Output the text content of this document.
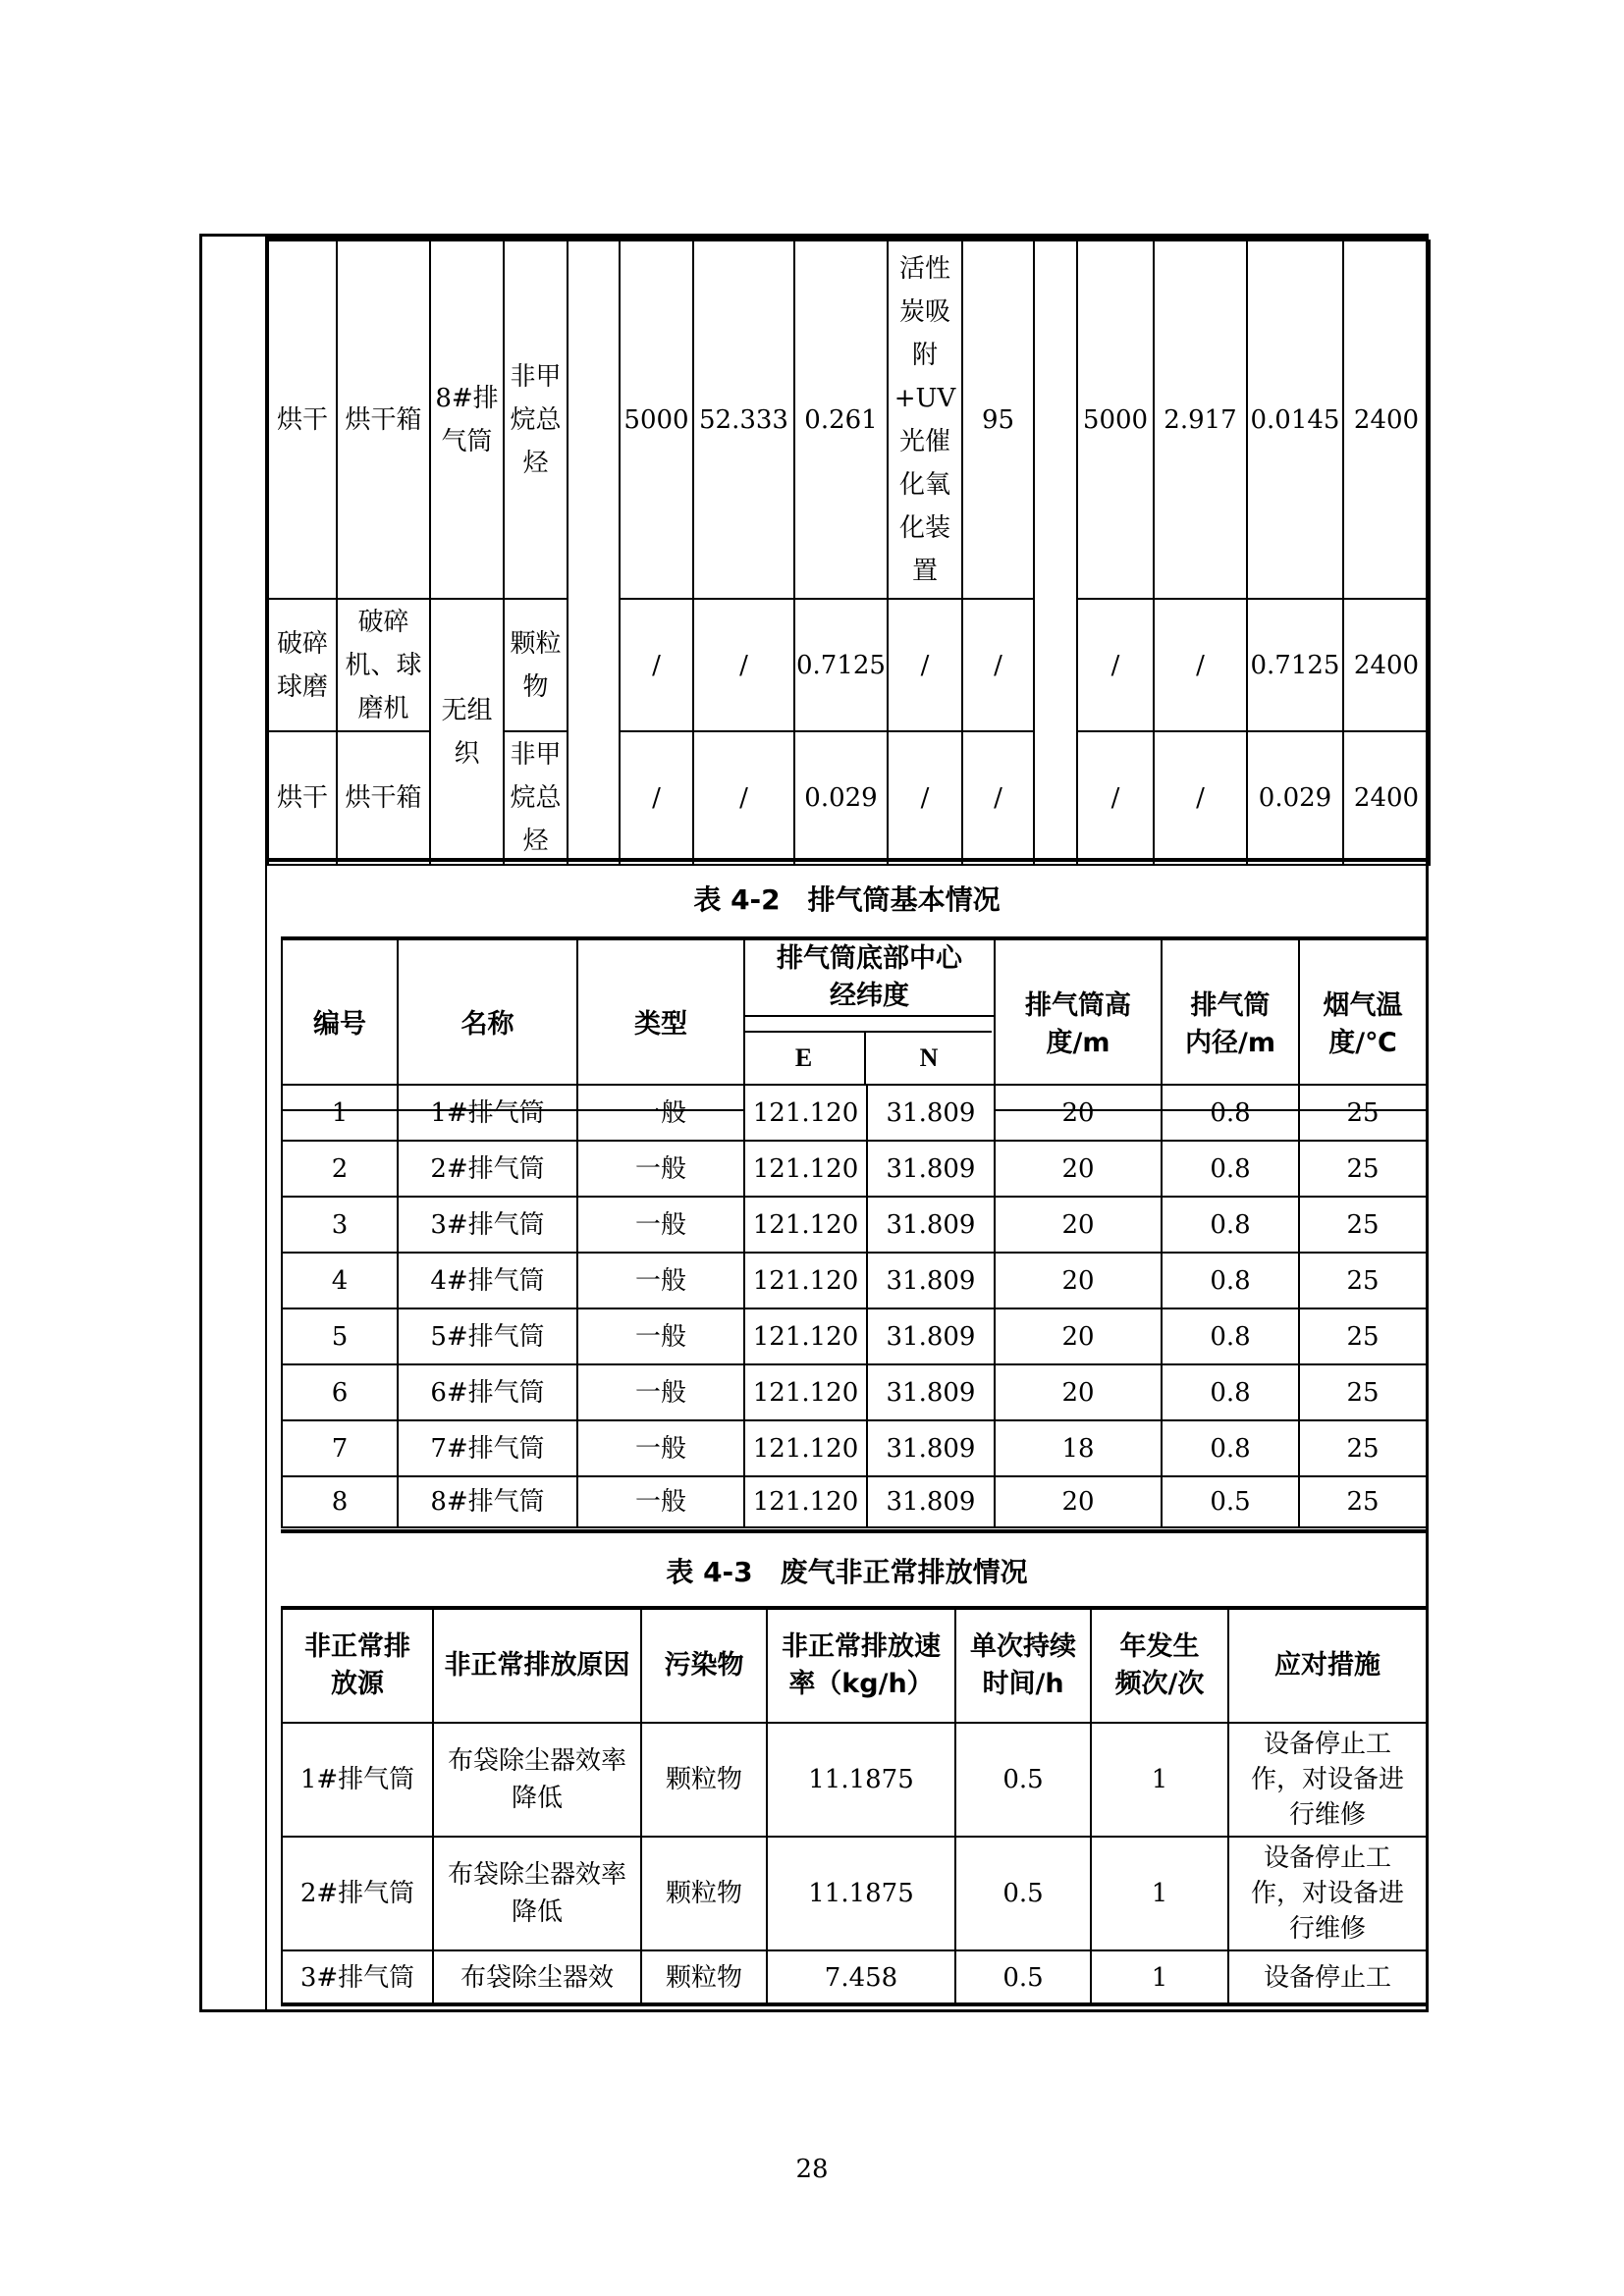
烘干	烘干箱	8#排气筒	非甲烷总烃		5000	52.333	0.261	活性炭吸附+UV光催化氧化装置	95		5000	2.917	0.0145	2400
破碎球磨	破碎机、球磨机	无组织	颗粒物		/	/	0.7125	/	/		/	/	0.7125	2400
烘干	烘干箱		非甲烷总烃		/	/	0.029	/	/		/	/	0.029	2400
表 4-2　排气筒基本情况
编号	名称	类型	排气筒底部中心经纬度	排气筒高度/m	排气筒内径/m	烟气温度/℃

E	N
1	1#排气筒	一般	121.120	31.809	20	0.8	25
2	2#排气筒	一般	121.120	31.809	20	0.8	25
3	3#排气筒	一般	121.120	31.809	20	0.8	25
4	4#排气筒	一般	121.120	31.809	20	0.8	25
5	5#排气筒	一般	121.120	31.809	20	0.8	25
6	6#排气筒	一般	121.120	31.809	20	0.8	25
7	7#排气筒	一般	121.120	31.809	18	0.8	25
8	8#排气筒	一般	121.120	31.809	20	0.5	25
表 4-3　废气非正常排放情况
非正常排放源	非正常排放原因	污染物	非正常排放速率（kg/h）	单次持续时间/h	年发生频次/次	应对措施
1#排气筒	布袋除尘器效率降低	颗粒物	11.1875	0.5	1	设备停止工作，对设备进行维修
2#排气筒	布袋除尘器效率降低	颗粒物	11.1875	0.5	1	设备停止工作，对设备进行维修
3#排气筒	布袋除尘器效	颗粒物	7.458	0.5	1	设备停止工
28
